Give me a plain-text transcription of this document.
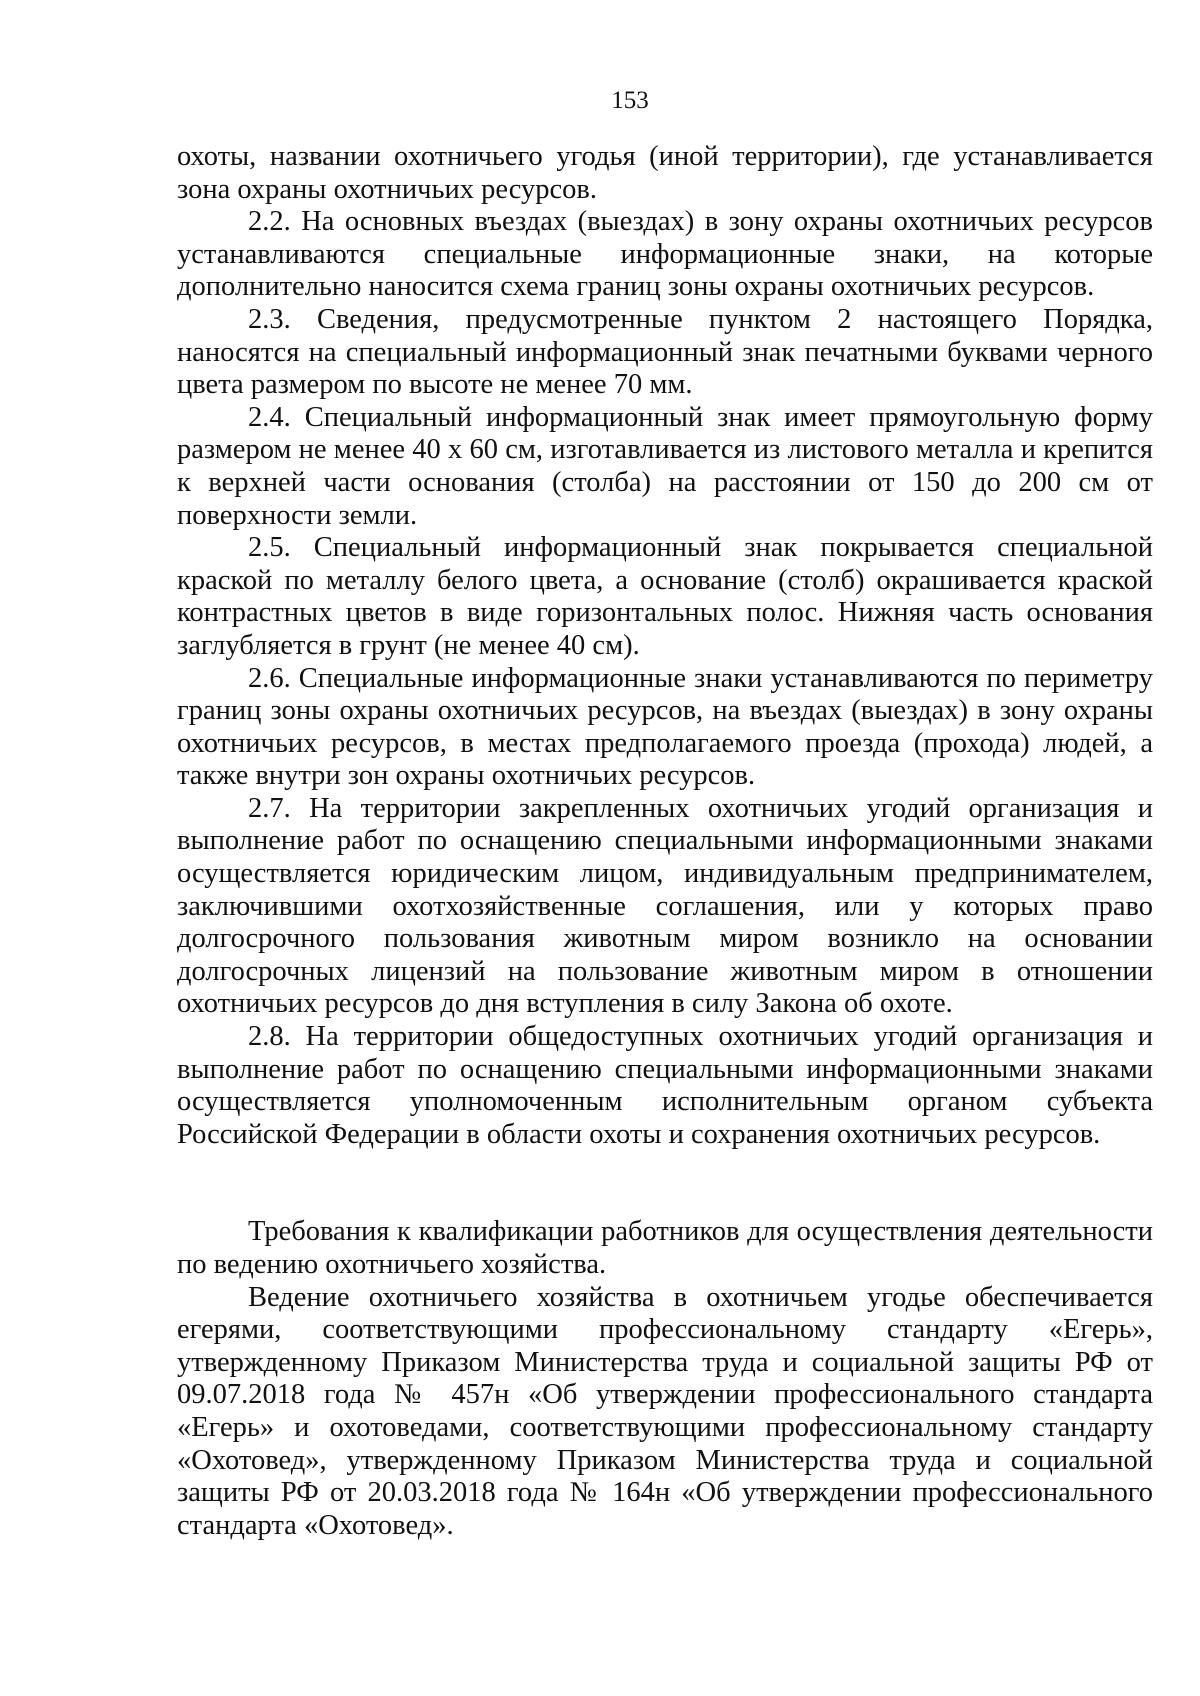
153

охоты, названии охотничьего угодья (иной территории), где устанавливается зона охраны охотничьих ресурсов.

2.2. На основных въездах (выездах) в зону охраны охотничьих ресурсов устанавливаются специальные информационные знаки, на которые дополнительно наносится схема границ зоны охраны охотничьих ресурсов.

2.3. Сведения, предусмотренные пунктом 2 настоящего Порядка, наносятся на специальный информационный знак печатными буквами черного цвета размером по высоте не менее 70 мм.

2.4. Специальный информационный знак имеет прямоугольную форму размером не менее 40 х 60 см, изготавливается из листового металла и крепится к верхней части основания (столба) на расстоянии от 150 до 200 см от поверхности земли.

2.5. Специальный информационный знак покрывается специальной краской по металлу белого цвета, а основание (столб) окрашивается краской контрастных цветов в виде горизонтальных полос. Нижняя часть основания заглубляется в грунт (не менее 40 см).

2.6. Специальные информационные знаки устанавливаются по периметру границ зоны охраны охотничьих ресурсов, на въездах (выездах) в зону охраны охотничьих ресурсов, в местах предполагаемого проезда (прохода) людей, а также внутри зон охраны охотничьих ресурсов.

2.7. На территории закрепленных охотничьих угодий организация и выполнение работ по оснащению специальными информационными знаками осуществляется юридическим лицом, индивидуальным предпринимателем, заключившими охотхозяйственные соглашения, или у которых право долгосрочного пользования животным миром возникло на основании долгосрочных лицензий на пользование животным миром в отношении охотничьих ресурсов до дня вступления в силу Закона об охоте.

2.8. На территории общедоступных охотничьих угодий организация и выполнение работ по оснащению специальными информационными знаками осуществляется уполномоченным исполнительным органом субъекта Российской Федерации в области охоты и сохранения охотничьих ресурсов.

Требования к квалификации работников для осуществления деятельности по ведению охотничьего хозяйства.

Ведение охотничьего хозяйства в охотничьем угодье обеспечивается егерями, соответствующими профессиональному стандарту «Егерь», утвержденному Приказом Министерства труда и социальной защиты РФ от 09.07.2018 года № 457н «Об утверждении профессионального стандарта «Егерь» и охотоведами, соответствующими профессиональному стандарту «Охотовед», утвержденному Приказом Министерства труда и социальной защиты РФ от 20.03.2018 года № 164н «Об утверждении профессионального стандарта «Охотовед».
